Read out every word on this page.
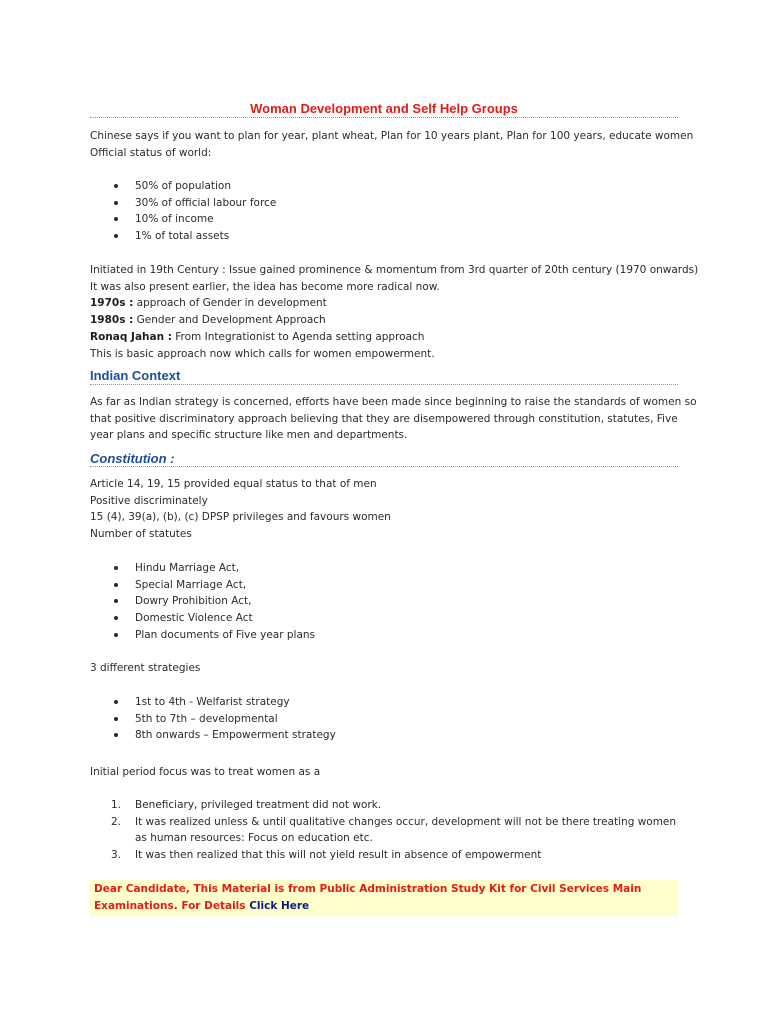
Woman Development and Self Help Groups
Chinese says if you want to plan for year, plant wheat, Plan for 10 years plant, Plan for 100 years, educate women
Official status of world:
50% of population
30% of official labour force
10% of income
1% of total assets
Initiated in 19th Century : Issue gained prominence & momentum from 3rd quarter of 20th century (1970 onwards)
It was also present earlier, the idea has become more radical now.
1970s : approach of Gender in development
1980s : Gender and Development Approach
Ronaq Jahan : From Integrationist to Agenda setting approach
This is basic approach now which calls for women empowerment.
Indian Context
As far as Indian strategy is concerned, efforts have been made since beginning to raise the standards of women so
that positive discriminatory approach believing that they are disempowered through constitution, statutes, Five
year plans and specific structure like men and departments.
Constitution :
Article 14, 19, 15 provided equal status to that of men
Positive discriminately
15 (4), 39(a), (b), (c) DPSP privileges and favours women
Number of statutes
Hindu Marriage Act,
Special Marriage Act,
Dowry Prohibition Act,
Domestic Violence Act
Plan documents of Five year plans
3 different strategies
1st to 4th - Welfarist strategy
5th to 7th – developmental
8th onwards – Empowerment strategy
Initial period focus was to treat women as a
1. Beneficiary, privileged treatment did not work.
2. It was realized unless & until qualitative changes occur, development will not be there treating women as human resources: Focus on education etc.
3. It was then realized that this will not yield result in absence of empowerment
Dear Candidate, This Material is from Public Administration Study Kit for Civil Services Main Examinations. For Details Click Here
